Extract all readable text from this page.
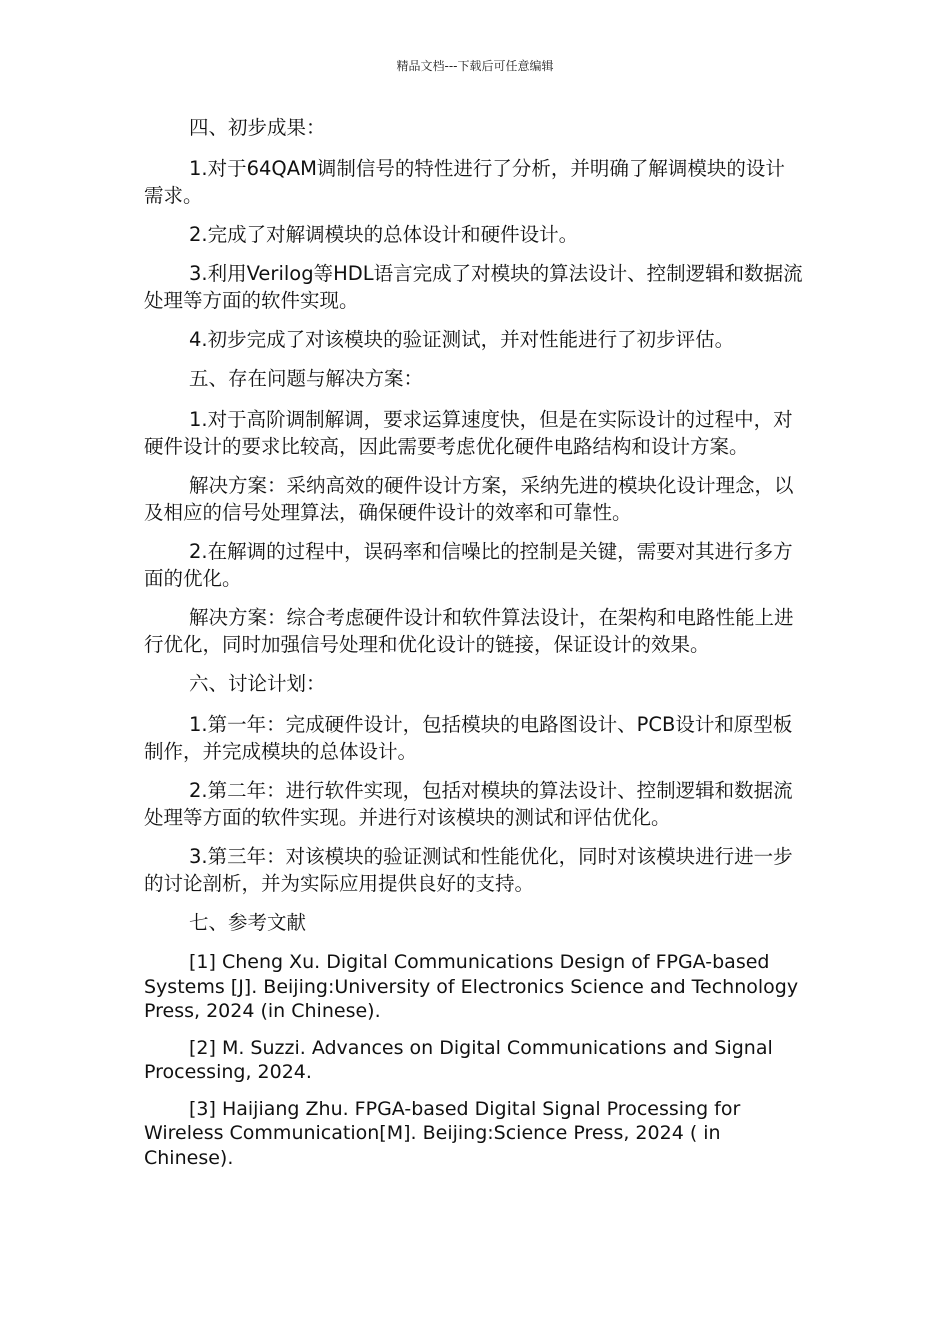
精品文档---下载后可任意编辑

四、初步成果：

1.对于64QAM调制信号的特性进行了分析，并明确了解调模块的设计需求。

2.完成了对解调模块的总体设计和硬件设计。

3.利用Verilog等HDL语言完成了对模块的算法设计、控制逻辑和数据流处理等方面的软件实现。

4.初步完成了对该模块的验证测试，并对性能进行了初步评估。

五、存在问题与解决方案：

1.对于高阶调制解调，要求运算速度快，但是在实际设计的过程中，对硬件设计的要求比较高，因此需要考虑优化硬件电路结构和设计方案。

解决方案：采纳高效的硬件设计方案，采纳先进的模块化设计理念，以及相应的信号处理算法，确保硬件设计的效率和可靠性。

2.在解调的过程中，误码率和信噪比的控制是关键，需要对其进行多方面的优化。

解决方案：综合考虑硬件设计和软件算法设计，在架构和电路性能上进行优化，同时加强信号处理和优化设计的链接，保证设计的效果。

六、讨论计划：

1.第一年：完成硬件设计，包括模块的电路图设计、PCB设计和原型板制作，并完成模块的总体设计。

2.第二年：进行软件实现，包括对模块的算法设计、控制逻辑和数据流处理等方面的软件实现。并进行对该模块的测试和评估优化。

3.第三年：对该模块的验证测试和性能优化，同时对该模块进行进一步的讨论剖析，并为实际应用提供良好的支持。

七、参考文献

[1] Cheng Xu. Digital Communications Design of FPGA-based Systems [J]. Beijing:University of Electronics Science and Technology Press, 2024 (in Chinese).

[2] M. Suzzi. Advances on Digital Communications and Signal Processing, 2024.

[3] Haijiang Zhu. FPGA-based Digital Signal Processing for Wireless Communication[M]. Beijing:Science Press, 2024 ( in Chinese).
